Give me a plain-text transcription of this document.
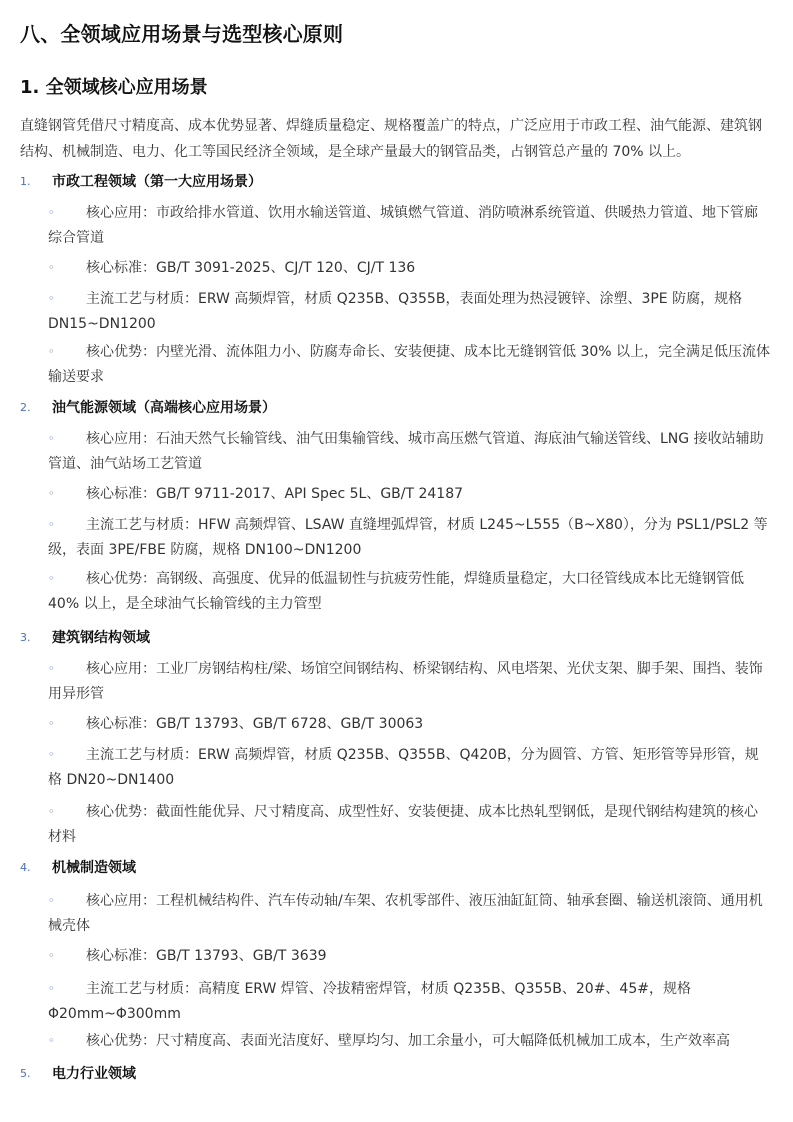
八、全领域应用场景与选型核心原则
1. 全领域核心应用场景

直缝钢管凭借尺寸精度高、成本优势显著、焊缝质量稳定、规格覆盖广的特点，广泛应用于市政工程、油气能源、建筑钢结构、机械制造、电力、化工等国民经济全领域，是全球产量最大的钢管品类，占钢管总产量的 70% 以上。

1. 市政工程领域（第一大应用场景）
◦	核心应用：市政给排水管道、饮用水输送管道、城镇燃气管道、消防喷淋系统管道、供暖热力管道、地下管廊综合管道

◦	核心标准：GB/T 3091-2025、CJ/T 120、CJ/T 136

◦	主流工艺与材质：ERW 高频焊管，材质 Q235B、Q355B，表面处理为热浸镀锌、涂塑、3PE 防腐，规格 DN15~DN1200

◦	核心优势：内壁光滑、流体阻力小、防腐寿命长、安装便捷、成本比无缝钢管低 30% 以上，完全满足低压流体输送要求

2. 油气能源领域（高端核心应用场景）
◦	核心应用：石油天然气长输管线、油气田集输管线、城市高压燃气管道、海底油气输送管线、LNG 接收站辅助管道、油气站场工艺管道

◦	核心标准：GB/T 9711-2017、API Spec 5L、GB/T 24187

◦	主流工艺与材质：HFW 高频焊管、LSAW 直缝埋弧焊管，材质 L245~L555（B~X80），分为 PSL1/PSL2 等级，表面 3PE/FBE 防腐，规格 DN100~DN1200

◦	核心优势：高钢级、高强度、优异的低温韧性与抗疲劳性能，焊缝质量稳定，大口径管线成本比无缝钢管低 40% 以上，是全球油气长输管线的主力管型

3. 建筑钢结构领域
◦	核心应用：工业厂房钢结构柱/梁、场馆空间钢结构、桥梁钢结构、风电塔架、光伏支架、脚手架、围挡、装饰用异形管

◦	核心标准：GB/T 13793、GB/T 6728、GB/T 30063

◦	主流工艺与材质：ERW 高频焊管，材质 Q235B、Q355B、Q420B，分为圆管、方管、矩形管等异形管，规格 DN20~DN1400

◦	核心优势：截面性能优异、尺寸精度高、成型性好、安装便捷、成本比热轧型钢低，是现代钢结构建筑的核心材料

4. 机械制造领域
◦	核心应用：工程机械结构件、汽车传动轴/车架、农机零部件、液压油缸缸筒、轴承套圈、输送机滚筒、通用机械壳体

◦	核心标准：GB/T 13793、GB/T 3639

◦	主流工艺与材质：高精度 ERW 焊管、冷拔精密焊管，材质 Q235B、Q355B、20#、45#，规格 Φ20mm~Φ300mm

◦	核心优势：尺寸精度高、表面光洁度好、壁厚均匀、加工余量小，可大幅降低机械加工成本，生产效率高

5. 电力行业领域
